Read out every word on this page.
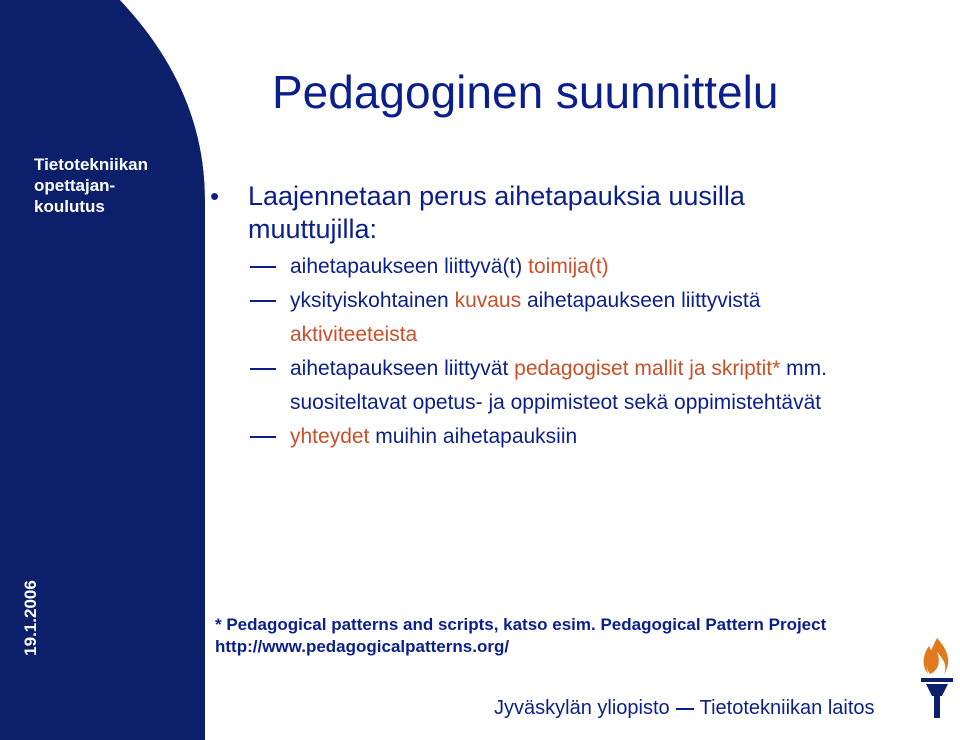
Tietotekniikan
opettajan-
koulutus
19.1.2006
Pedagoginen suunnittelu
•	Laajennetaan perus aihetapauksia uusilla
muuttujilla:
aihetapaukseen liittyvä(t) toimija(t)
yksityiskohtainen kuvaus aihetapaukseen liittyvistä aktiviteeteista
aihetapaukseen liittyvät pedagogiset mallit ja skriptit* mm. suositeltavat opetus- ja oppimisteot sekä oppimistehtävät
yhteydet muihin aihetapauksiin
* Pedagogical patterns and scripts, katso esim. Pedagogical Pattern Project
http://www.pedagogicalpatterns.org/
Jyväskylän yliopisto Tietotekniikan laitos
